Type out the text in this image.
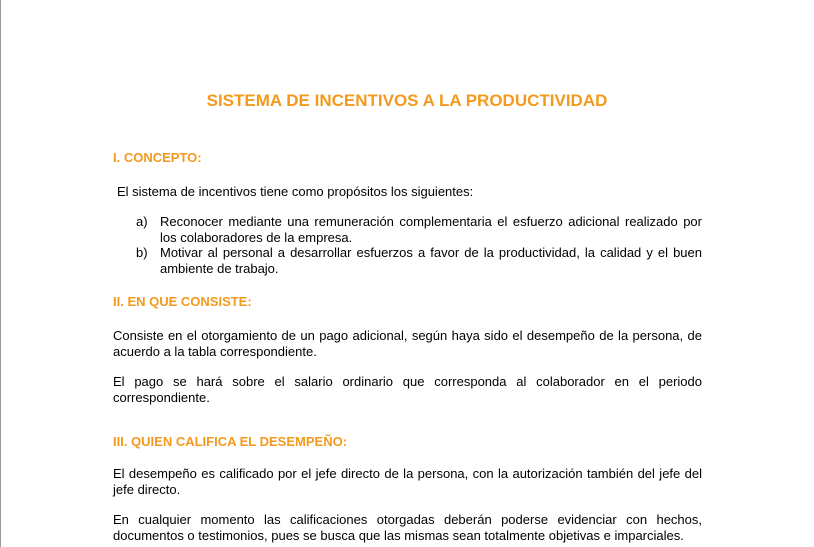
SISTEMA DE INCENTIVOS A LA PRODUCTIVIDAD
I. CONCEPTO:

El sistema de incentivos tiene como propósitos los siguientes:

a) Reconocer mediante una remuneración complementaria el esfuerzo adicional realizado por los colaboradores de la empresa.
b) Motivar al personal a desarrollar esfuerzos a favor de la productividad, la calidad y el buen ambiente de trabajo.
II. EN QUE CONSISTE:

Consiste en el otorgamiento de un pago adicional, según haya sido el desempeño de la persona, de acuerdo a la tabla correspondiente.

El pago se hará sobre el salario ordinario que corresponda al colaborador en el periodo correspondiente.

III. QUIEN CALIFICA EL DESEMPEÑO:

El desempeño es calificado por el jefe directo de la persona, con la autorización también del jefe del jefe directo.

En cualquier momento las calificaciones otorgadas deberán poderse evidenciar con hechos, documentos o testimonios, pues se busca que las mismas sean totalmente objetivas e imparciales.
